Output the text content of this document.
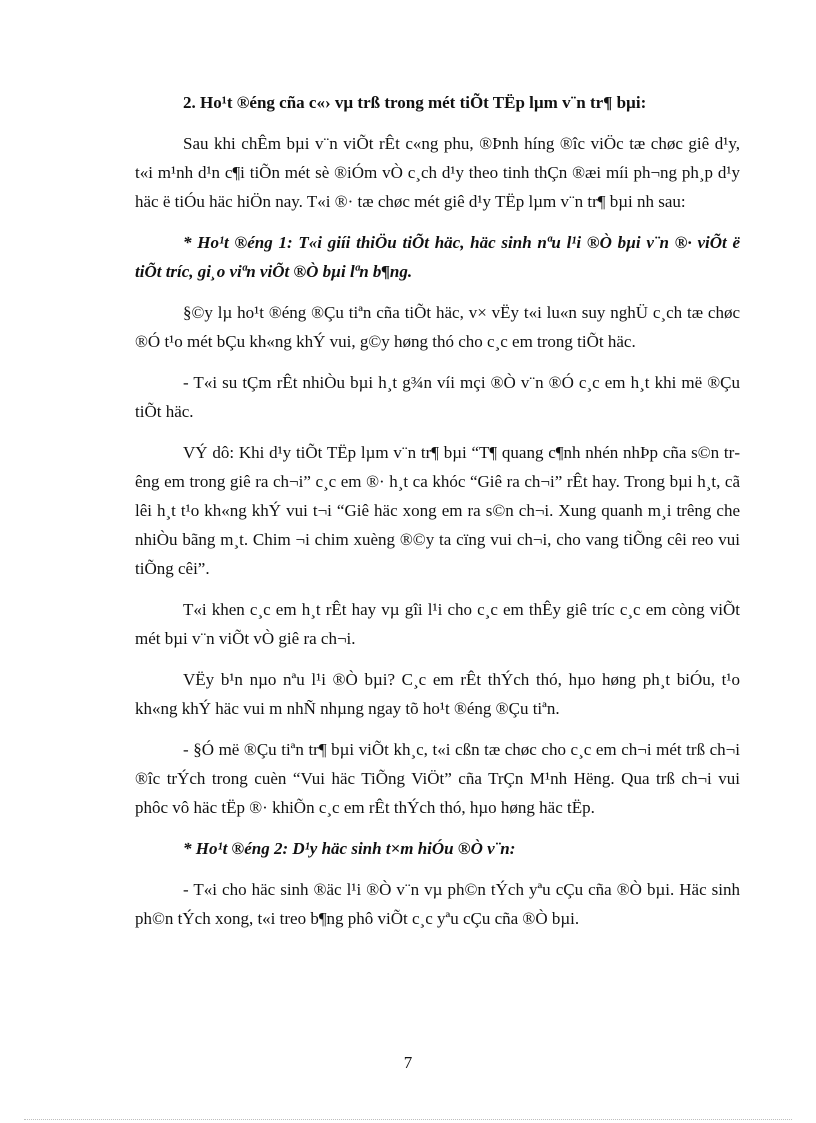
2. Ho¹t ®éng cña c«› vµ trß trong mét tiÕt TËp lµm v¨n tr¶ bµi:

Sau khi chÊm bµi v¨n viÕt rÊt c«ng phu, ®Þnh híng ®îc viÖc tæ chøc giê d¹y, t«i m¹nh d¹n c¶i tiÕn mét sè ®iÓm vÒ c¸ch d¹y theo tinh thÇn ®æi míi ph¬ng ph¸p d¹y häc ë tiÓu häc hiÖn nay. T«i ®· tæ chøc mét giê d¹y TËp lµm v¨n tr¶ bµi nh sau:

* Ho¹t ®éng 1: T«i giíi thiÖu tiÕt häc, häc sinh nªu l¹i ®Ò bµi v¨n ®· viÕt ë tiÕt tríc, gi¸o viªn viÕt ®Ò bµi lªn b¶ng.

§©y lµ ho¹t ®éng ®Çu tiªn cña tiÕt häc, v× vËy t«i lu«n suy nghÜ c¸ch tæ chøc ®Ó t¹o mét bÇu kh«ng khÝ vui, g©y høng thó cho c¸c em trong tiÕt häc.

- T«i su tÇm rÊt nhiÒu bµi h¸t g¾n víi mçi ®Ò v¨n ®Ó c¸c em h¸t khi më ®Çu tiÕt häc.

VÝ dô: Khi d¹y tiÕt TËp lµm v¨n tr¶ bµi “T¶ quang c¶nh nhén nhÞp cña s©n trêng em trong giê ra ch¬i” c¸c em ®· h¸t ca khóc “Giê ra ch¬i” rÊt hay. Trong bµi h¸t, cã lêi h¸t t¹o kh«ng khÝ vui t¬i “Giê häc xong em ra s©n ch¬i. Xung quanh m¸i trêng che nhiÒu bãng m¸t. Chim ¬i chim xuèng ®©y ta cïng vui ch¬i, cho vang tiÕng cêi reo vui tiÕng cêi”.

T«i khen c¸c em h¸t rÊt hay vµ gîi l¹i cho c¸c em thÊy giê tríc c¸c em còng viÕt mét bµi v¨n viÕt vÒ giê ra ch¬i.

VËy b¹n nµo nªu l¹i ®Ò bµi? C¸c em rÊt thÝch thó, hµo høng ph¸t biÓu, t¹o kh«ng khÝ häc vui m nhÑ nhµng ngay tõ ho¹t ®éng ®Çu tiªn.

- §Ó më ®Çu tiªn tr¶ bµi viÕt kh¸c, t«i cßn tæ chøc cho c¸c em ch¬i mét trß ch¬i ®îc trÝch trong cuèn “Vui häc TiÕng ViÖt” cña TrÇn M¹nh Hëng. Qua trß ch¬i vui phôc vô häc tËp ®· khiÕn c¸c em rÊt thÝch thó, hµo høng häc tËp.

* Ho¹t ®éng 2: D¹y häc sinh t×m hiÓu ®Ò v¨n:

- T«i cho häc sinh ®äc l¹i ®Ò v¨n vµ ph©n tÝch yªu cÇu cña ®Ò bµi. Häc sinh ph©n tÝch xong, t«i treo b¶ng phô viÕt c¸c yªu cÇu cña ®Ò bµi.

7
